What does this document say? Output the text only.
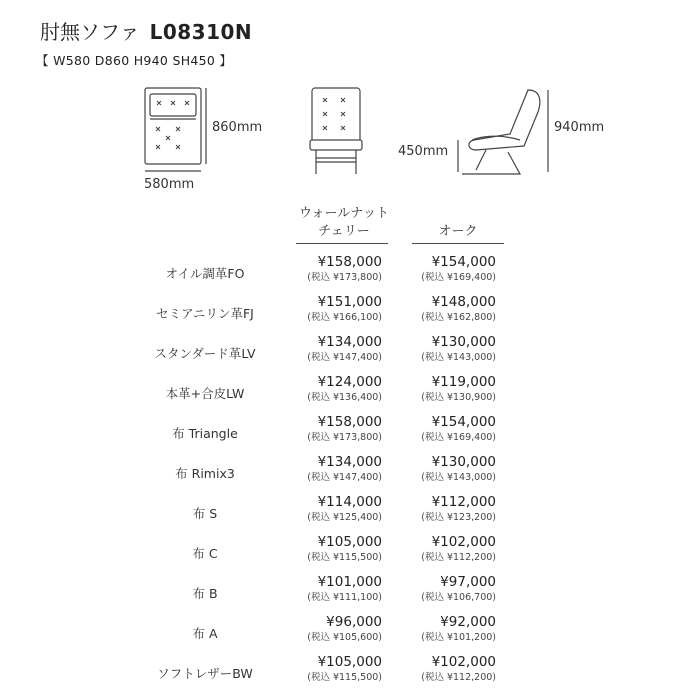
肘無ソファ L08310N
【 W580 D860 H940 SH450 】
860mm
580mm
450mm
940mm
ウォールナット
チェリー	オーク
オイル調革FO
¥158,000
(税込 ¥173,800)
¥154,000
(税込 ¥169,400)
セミアニリン革FJ
¥151,000
(税込 ¥166,100)
¥148,000
(税込 ¥162,800)
スタンダード革LV
¥134,000
(税込 ¥147,400)
¥130,000
(税込 ¥143,000)
本革+合皮LW
¥124,000
(税込 ¥136,400)
¥119,000
(税込 ¥130,900)
布 Triangle
¥158,000
(税込 ¥173,800)
¥154,000
(税込 ¥169,400)
布 Rimix3
¥134,000
(税込 ¥147,400)
¥130,000
(税込 ¥143,000)
布 S
¥114,000
(税込 ¥125,400)
¥112,000
(税込 ¥123,200)
布 C
¥105,000
(税込 ¥115,500)
¥102,000
(税込 ¥112,200)
布 B
¥101,000
(税込 ¥111,100)
¥97,000
(税込 ¥106,700)
布 A
¥96,000
(税込 ¥105,600)
¥92,000
(税込 ¥101,200)
ソフトレザーBW
¥105,000
(税込 ¥115,500)
¥102,000
(税込 ¥112,200)
